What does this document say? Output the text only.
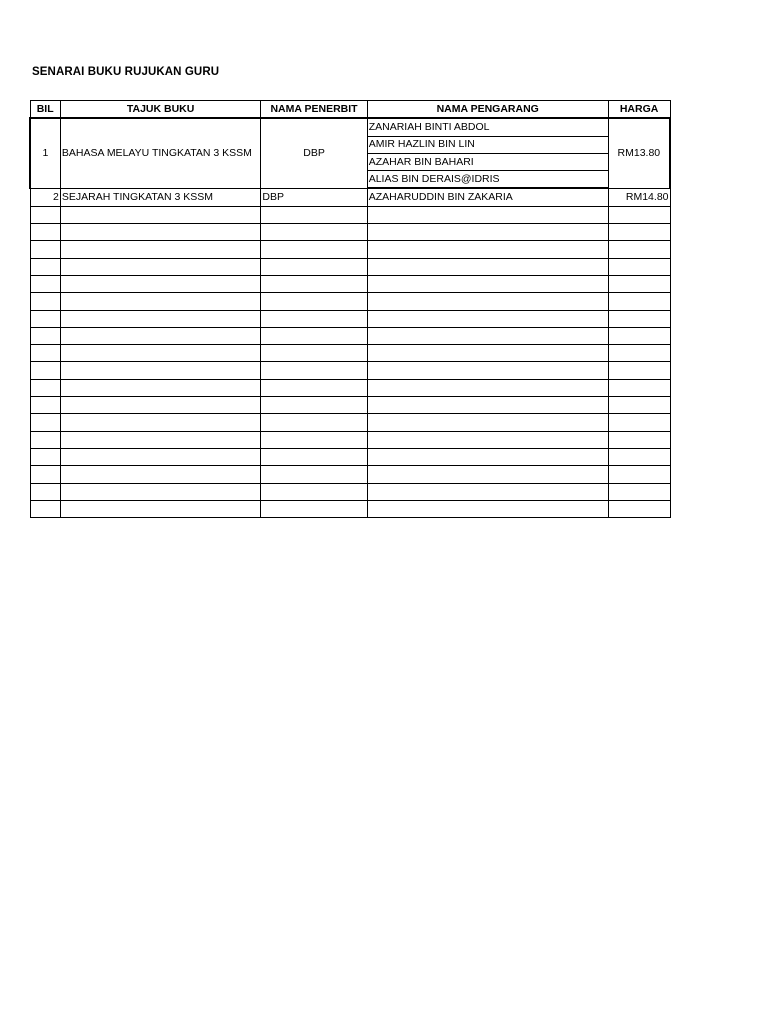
SENARAI BUKU RUJUKAN GURU
BIL	TAJUK BUKU	NAMA PENERBIT	NAMA PENGARANG	HARGA
1	BAHASA MELAYU TINGKATAN 3 KSSM	DBP	ZANARIAH BINTI ABDOL	RM13.80
			AMIR HAZLIN BIN LIN	
			AZAHAR BIN BAHARI	
			ALIAS BIN DERAIS@IDRIS	
2	SEJARAH TINGKATAN 3 KSSM	DBP	AZAHARUDDIN BIN ZAKARIA	RM14.80
